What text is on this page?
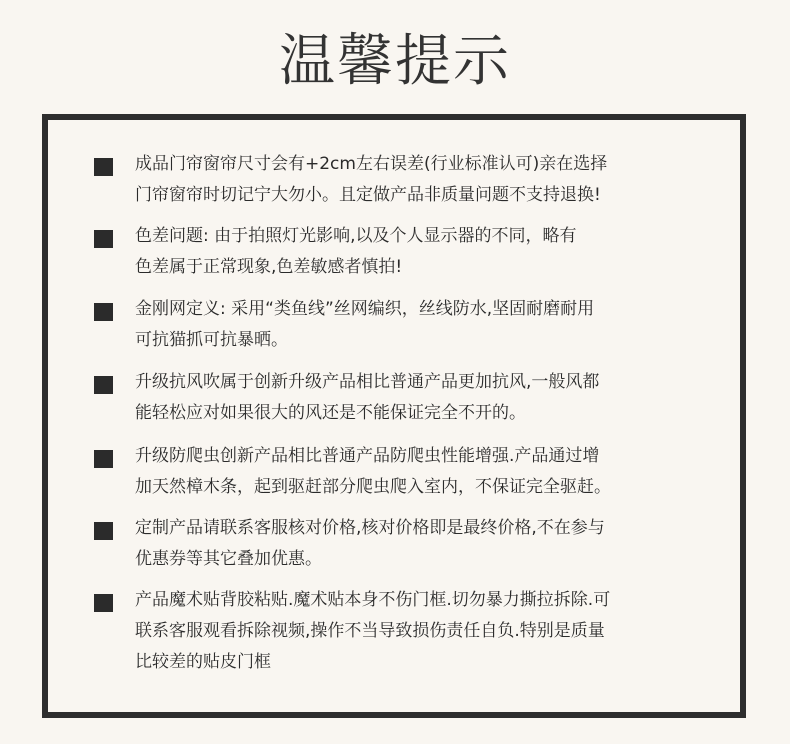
温馨提示
成品门帘窗帘尺寸会有+2cm左右误差(行业标准认可)亲在选择
门帘窗帘时切记宁大勿小。且定做产品非质量问题不支持退换!
色差问题: 由于拍照灯光影响,以及个人显示器的不同，略有
色差属于正常现象,色差敏感者慎拍!
金刚网定义: 采用“类鱼线”丝网编织，丝线防水,坚固耐磨耐用
可抗猫抓可抗暴晒。
升级抗风吹属于创新升级产品相比普通产品更加抗风,一般风都
能轻松应对如果很大的风还是不能保证完全不开的。
升级防爬虫创新产品相比普通产品防爬虫性能增强.产品通过增
加天然樟木条，起到驱赶部分爬虫爬入室内，不保证完全驱赶。
定制产品请联系客服核对价格,核对价格即是最终价格,不在参与
优惠券等其它叠加优惠。
产品魔术贴背胶粘贴.魔术贴本身不伤门框.切勿暴力撕拉拆除.可
联系客服观看拆除视频,操作不当导致损伤责任自负.特别是质量
比较差的贴皮门框
